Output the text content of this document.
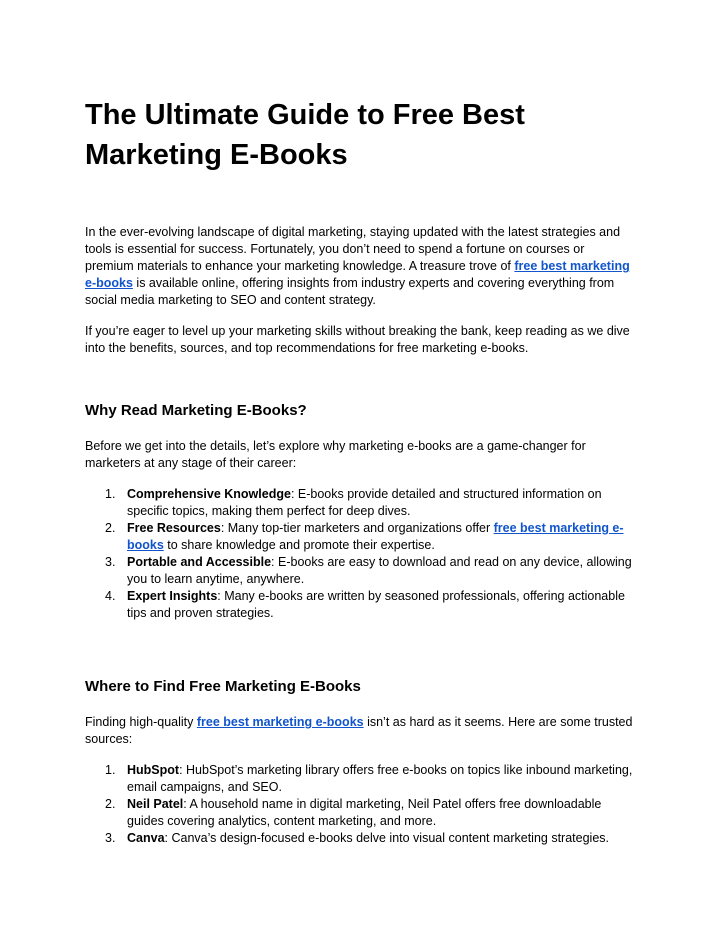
The Ultimate Guide to Free Best Marketing E-Books

In the ever-evolving landscape of digital marketing, staying updated with the latest strategies and tools is essential for success. Fortunately, you don’t need to spend a fortune on courses or premium materials to enhance your marketing knowledge. A treasure trove of free best marketing e-books is available online, offering insights from industry experts and covering everything from social media marketing to SEO and content strategy.

If you’re eager to level up your marketing skills without breaking the bank, keep reading as we dive into the benefits, sources, and top recommendations for free marketing e-books.

Why Read Marketing E-Books?

Before we get into the details, let’s explore why marketing e-books are a game-changer for marketers at any stage of their career:

1. Comprehensive Knowledge: E-books provide detailed and structured information on specific topics, making them perfect for deep dives.
2. Free Resources: Many top-tier marketers and organizations offer free best marketing e-books to share knowledge and promote their expertise.
3. Portable and Accessible: E-books are easy to download and read on any device, allowing you to learn anytime, anywhere.
4. Expert Insights: Many e-books are written by seasoned professionals, offering actionable tips and proven strategies.
Where to Find Free Marketing E-Books

Finding high-quality free best marketing e-books isn’t as hard as it seems. Here are some trusted sources:

1. HubSpot: HubSpot’s marketing library offers free e-books on topics like inbound marketing, email campaigns, and SEO.
2. Neil Patel: A household name in digital marketing, Neil Patel offers free downloadable guides covering analytics, content marketing, and more.
3. Canva: Canva’s design-focused e-books delve into visual content marketing strategies.
